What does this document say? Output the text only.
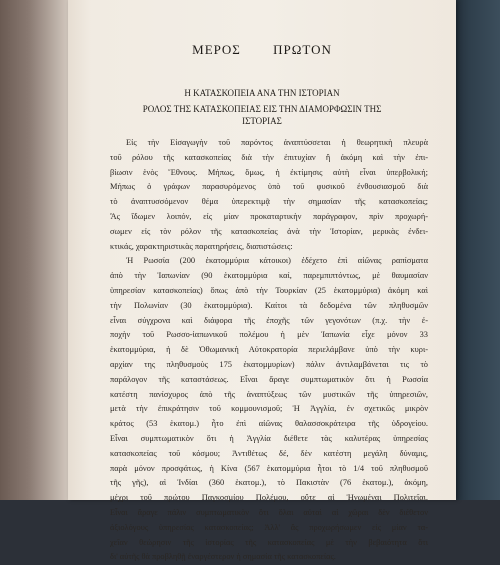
ΜΕΡΟΣ ΠΡΩΤΟΝ
Η ΚΑΤΑΣΚΟΠΕΙΑ ΑΝΑ ΤΗΝ ΙΣΤΟΡΙΑΝ
ΡΟΛΟΣ ΤΗΣ ΚΑΤΑΣΚΟΠΕΙΑΣ ΕΙΣ ΤΗΝ ΔΙΑΜΟΡΦΩΣΙΝ ΤΗΣ
ΙΣΤΟΡΙΑΣ
Εἰς τὴν Εἰσαγωγὴν τοῦ παρόντος ἀναπτύσσεται ἡ θεωρητικὴ πλευρὰ
τοῦ ρόλου τῆς κατασκοπείας διὰ τὴν ἐπιτυχίαν ἢ ἀκόμη καὶ τὴν ἐπι-
βίωσιν ἑνὸς Ἔθνους. Μήπως, ὅμως, ἡ ἐκτίμησις αὐτὴ εἶναι ὑπερβολική;
Μήπως ὁ γράφων παρασυρόμενος ὑπὸ τοῦ φυσικοῦ ἐνθουσιασμοῦ διὰ
τὸ ἀναπτυσσόμενον θέμα ὑπερεκτιμᾷ τὴν σημασίαν τῆς κατασκοπείας;
Ἂς ἴδωμεν λοιπόν, εἰς μίαν προκαταρτικὴν παράγραφον, πρὶν προχωρή-
σωμεν εἰς τὸν ρόλον τῆς κατασκοπείας ἀνὰ τὴν Ἱστορίαν, μερικὰς ἐνδει-
κτικάς, χαρακτηριστικὰς παρατηρήσεις, διαπιστώσεις:
Ἡ Ρωσσία (200 ἑκατομμύρια κάτοικοι) ἐδέχετο ἐπὶ αἰῶνας ραπίσματα
ἀπὸ τὴν Ἰαπωνίαν (90 ἑκατομμύρια καί, παρεμπιπτόντως, μὲ θαυμασίαν
ὑπηρεσίαν κατασκοπείας) ὅπως ἀπὸ τὴν Τουρκίαν (25 ἑκατομμύρια) ἀκόμη καὶ
τὴν Πολωνίαν (30 ἑκατομμύρια). Καίτοι τὰ δεδομένα τῶν πληθυσμῶν
εἶναι σύγχρονα καὶ διάφορα τῆς ἐποχῆς τῶν γεγονότων (π.χ. τὴν ἐ-
ποχὴν τοῦ Ρωσσο-ἰαπωνικοῦ πολέμου ἡ μὲν Ἰαπωνία εἶχε μόνον 33
ἑκατομμύρια, ἡ δὲ Ὀθωμανικὴ Αὐτοκρατορία περιελάμβανε ὑπὸ τὴν κυρι-
αρχίαν της πληθυσμοὺς 175 ἑκατομμυρίων) πάλιν ἀντιλαμβάνεται τις τὸ
παράλογον τῆς καταστάσεως. Εἶναι ἄραγε συμπτωματικὸν ὅτι ἡ Ρωσσία
κατέστη πανίσχυρος ἀπὸ τῆς ἀναπτύξεως τῶν μυστικῶν τῆς ὑπηρεσιῶν,
μετὰ τὴν ἐπικράτησιν τοῦ κομμουνισμοῦ; Ἡ Ἀγγλία, ἐν σχετικῶς μικρὸν
κράτος (53 ἑκατομ.) ἦτο ἐπὶ αἰῶνας θαλασσοκράτειρα τῆς ὑδρογείου.
Εἶναι συμπτωματικὸν ὅτι ἡ Ἀγγλία διέθετε τὰς καλυτέρας ὑπηρεσίας
κατασκοπείας τοῦ κόσμου; Ἀντιθέτως δέ, δὲν κατέστη μεγάλη δύναμις,
παρὰ μόνον προσφάτως, ἡ Κίνα (567 ἑκατομμύρια ἦτοι τὸ 1/4 τοῦ πληθυσμοῦ
τῆς γῆς), αἱ Ἰνδίαι (360 ἑκατομ.), τὸ Πακιστὰν (76 ἑκατομ.), ἀκόμη,
μέχρι τοῦ πρώτου Παγκοσμίου Πολέμου, οὔτε αἱ Ἡνωμέναι Πολιτεῖαι.
Εἶναι ἄραγε πάλιν συμπτωματικὸν ὅτι ὅλαι αὐταὶ αἱ χῶραι δὲν διέθετον
ἀξιολόγους ὑπηρεσίας κατασκοπείας; Ἀλλ' ἂς προχωρήσωμεν εἰς μίαν τα-
χεῖαν θεώρησιν τῆς ἱστορίας τῆς κατασκοπείας μὲ τὴν βεβαιότητα ὅτι
δι' αὐτῆς θὰ προβληθῇ ἐναργέστερον ἡ σημασία τῆς κατασκοπείας.
